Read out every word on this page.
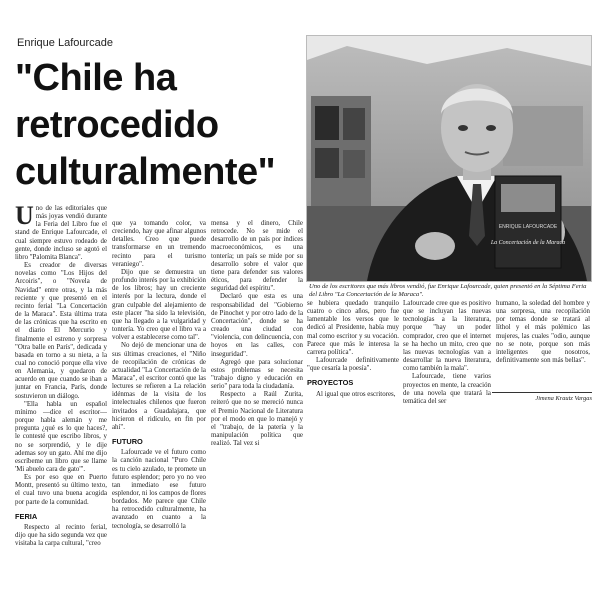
Enrique Lafourcade
"Chile ha
retrocedido
culturalmente"
ENRIQUE LAFOURCADE
La Concertación de la Maraca
Uno de los escritores que más libros vendió, fue Enrique Lafourcade, quien presentó en la Séptima Feria del Libro "La Concertación de la Maraca".

Uno de las editoriales que más joyas vendió durante la Feria del Libro fue el stand de Enrique Lafourcade, el cual siempre estuvo rodeado de gente, donde incluso se agotó el libro "Palomita Blanca".

Es creador de diversas novelas como "Los Hijos del Arcoiris", o "Novela de Navidad" entre otras, y la más reciente y que presentó en el recinto ferial "La Concertación de la Maraca". Esta última trata de las crónicas que ha escrito en el diario El Mercurio y finalmente el estreno y sorpresa "Otra balle en París", dedicada y basada en torno a su nieta, a la cual no conoció porque ella vive en Alemania, y quedaron de acuerdo en que cuando se iban a juntar en Francia, París, donde sostuvieron un diálogo.

"Ella habla un español mínimo —dice el escritor— porque habla alemán y me pregunta ¿qué es lo que haces?, le contesté que escribo libros, y no se sorprendió, y le dije ademas soy un gato. Ahí me dijo escríbeme un libro que se llame 'Mi abuelo cara de gato'".

Es por eso que en Puerto Montt, presentó su último texto, el cual tuvo una buena acogida por parte de la comunidad.

FERIA

Respecto al recinto ferial, dijo que ha sido segunda vez que visitaba la carpa cultural, "creo

que ya tomando color, va creciendo, hay que afinar algunos detalles. Creo que puede transformarse en un tremendo recinto para el turismo veraniego".

Dijo que se demuestra un profundo interés por la exhibición de los libros; hay un creciente interés por la lectura, donde el gran culpable del alejamiento de este placer "ha sido la televisión, que ha llegado a la vulgaridad y tontería. Yo creo que el libro va a volver a establecerse como tal".

No dejó de mencionar una de sus últimas creaciones, el "Niño de recopilación de crónicas de actualidad "La Concertación de la Maraca", el escritor contó que las lectures se refieren a La relación idénmas de la visita de los intelectuales chilenos que fueron invitados a Guadalajara, que hicieron el ridículo, en fin por ahí".

FUTURO

Lafourcade ve el futuro como la canción nacional "Puro Chile es tu cielo azulado, te promete un futuro esplendor; pero yo no veo tan inmediato ese futuro esplendor, ni los campos de flores bordados. Me parece que Chile ha retrocedido culturalmente, ha avanzado en cuanto a la tecnología, se desarrolló la

mensa y el dinero, Chile retrocede. No se mide el desarrollo de un país por índices macroeconómicos, es una tontería; un país se mide por su desarrollo sobre el valor que tiene para defender sus valores éticos, para defender la seguridad del espíritu".

Declaró que esta es una responsabilidad del "Gobierno de Pinochet y por otro lado de la Concertación", donde se ha creado una ciudad con "violencia, con delincuencia, con hoyos en las calles, con inseguridad".

Agregó que para solucionar estos problemas se necesita "trabajo digno y educación en serio" para toda la ciudadanía.

Respecto a Raúl Zurita, reiteró que no se mereció nunca el Premio Nacional de Literatura por el modo en que lo manejó y el "trabajo, de la patería y la manipulación política que realizó. Tal vez si

se hubiera quedado tranquilo cuatro o cinco años, pero fue lamentable los versos que le dedicó al Presidente, había muy mal como escritor y su vocación. Parece que más le interesa la carrera política".

Lafourcade definitivamente "que cesaría la poesía".

PROYECTOS

Al igual que otros escritores,

Lafourcade cree que es positivo que se incluyan las nuevas tecnologías a la literatura, porque "hay un poder comprador, creo que el internet se ha hecho un mito, creo que las nuevas tecnologías van a desarrollar la nueva literatura, como también la mala".

Lafourcade, tiene varios proyectos en mente, la creación de una novela que tratará la temática del ser

humano, la soledad del hombre y una sorpresa, una recopilación por temas donde se tratará al líthol y el más polémico las mujeres, las cuales "odio, aunque no se note, porque son más inteligentes que nosotros, definitivamente son más bellas".

Jimena Krautz Vargas
